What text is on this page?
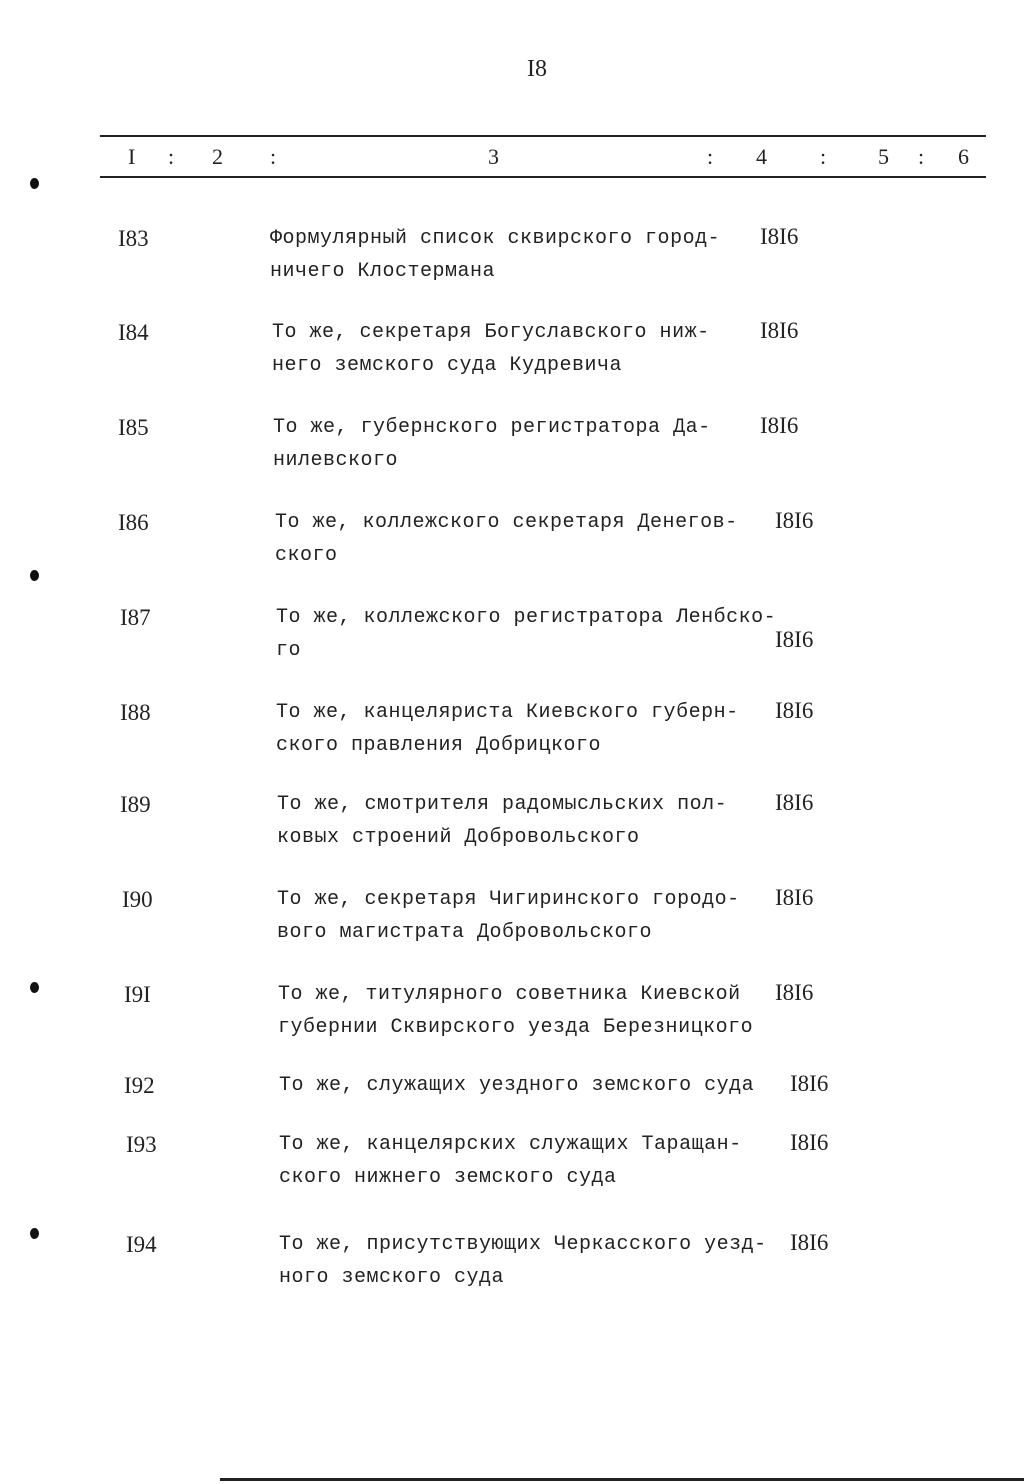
I8
I : 2 :	3	: 4 : 5 : 6
I83	Формулярный список сквирского город-
ничего Клостермана
I8I6
I84	То же, секретаря Богуславского ниж-
него земского суда Кудревича
I8I6
I85	То же, губернского регистратора Да-
нилевского
I8I6
I86	То же, коллежского секретаря Денегов-
ского
I8I6
I87	То же, коллежского регистратора Ленбско-
го	I8I6
I88	То же, канцеляриста Киевского губерн-
ского правления Добрицкого
I8I6
I89	То же, смотрителя радомысльских пол-
ковых строений Добровольского
I8I6
I90	То же, секретаря Чигиринского городо-
вого магистрата Добровольского
I8I6
I9I	То же, титулярного советника Киевской
губернии Сквирского уезда Березницкого
I8I6
I92	То же, служащих уездного земского суда I8I6
I93	То же, канцелярских служащих Таращан-
ского нижнего земского суда
I8I6
I94	То же, присутствующих Черкасского уезд-
ного земского суда
I8I6
